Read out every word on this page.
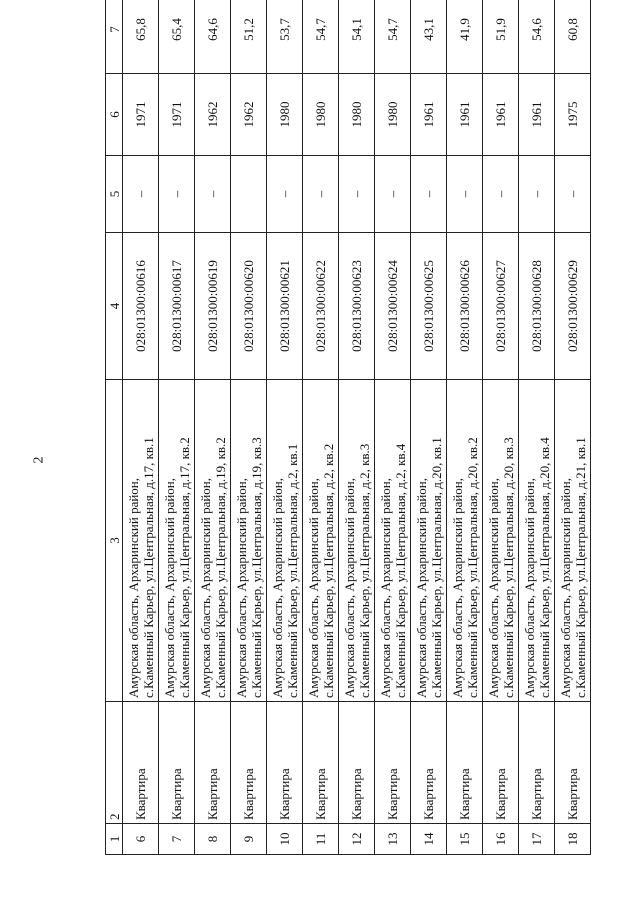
2
1	2	3	4	5	6	7
6	Квартира	Амурская область, Архаринский район, с.Каменный Карьер, ул.Центральная, д.17, кв.1	028:01300:00616	–	1971	65,8
7	Квартира	Амурская область, Архаринский район, с.Каменный Карьер, ул.Центральная, д.17, кв.2	028:01300:00617	–	1971	65,4
8	Квартира	Амурская область, Архаринский район, с.Каменный Карьер, ул.Центральная, д.19, кв.2	028:01300:00619	–	1962	64,6
9	Квартира	Амурская область, Архаринский район, с.Каменный Карьер, ул.Центральная, д.19, кв.3	028:01300:00620		1962	51,2
10	Квартира	Амурская область, Архаринский район, с.Каменный Карьер, ул.Центральная, д.2, кв.1	028:01300:00621	–	1980	53,7
11	Квартира	Амурская область, Архаринский район, с.Каменный Карьер, ул.Центральная, д.2, кв.2	028:01300:00622	–	1980	54,7
12	Квартира	Амурская область, Архаринский район, с.Каменный Карьер, ул.Центральная, д.2, кв.3	028:01300:00623	–	1980	54,1
13	Квартира	Амурская область, Архаринский район, с.Каменный Карьер, ул.Центральная, д.2, кв.4	028:01300:00624	–	1980	54,7
14	Квартира	Амурская область, Архаринский район, с.Каменный Карьер, ул.Центральная, д.20, кв.1	028:01300:00625	–	1961	43,1
15	Квартира	Амурская область, Архаринский район, с.Каменный Карьер, ул.Центральная, д.20, кв.2	028:01300:00626	–	1961	41,9
16	Квартира	Амурская область, Архаринский район, с.Каменный Карьер, ул.Центральная, д.20, кв.3	028:01300:00627	–	1961	51,9
17	Квартира	Амурская область, Архаринский район, с.Каменный Карьер, ул.Центральная, д.20, кв.4	028:01300:00628	–	1961	54,6
18	Квартира	Амурская область, Архаринский район, с.Каменный Карьер, ул.Центральная, д.21, кв.1	028:01300:00629	–	1975	60,8
